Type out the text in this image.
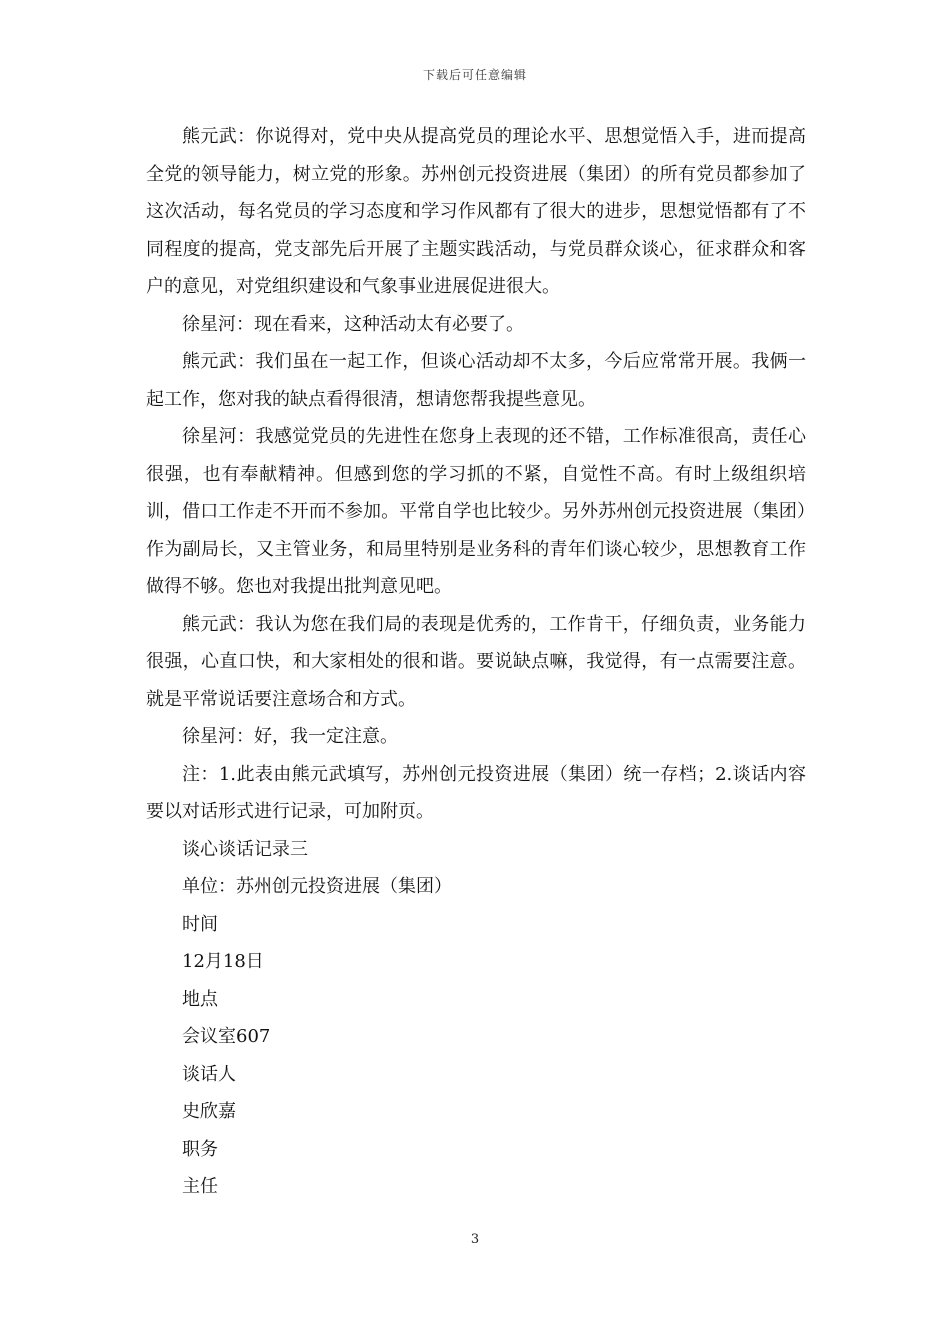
下载后可任意编辑

熊元武：你说得对，党中央从提高党员的理论水平、思想觉悟入手，进而提高全党的领导能力，树立党的形象。苏州创元投资进展（集团）的所有党员都参加了这次活动，每名党员的学习态度和学习作风都有了很大的进步，思想觉悟都有了不同程度的提高，党支部先后开展了主题实践活动，与党员群众谈心，征求群众和客户的意见，对党组织建设和气象事业进展促进很大。

徐星河：现在看来，这种活动太有必要了。

熊元武：我们虽在一起工作，但谈心活动却不太多，今后应常常开展。我俩一起工作，您对我的缺点看得很清，想请您帮我提些意见。

徐星河：我感觉党员的先进性在您身上表现的还不错，工作标准很高，责任心很强，也有奉献精神。但感到您的学习抓的不紧，自觉性不高。有时上级组织培训，借口工作走不开而不参加。平常自学也比较少。另外苏州创元投资进展（集团）作为副局长，又主管业务，和局里特别是业务科的青年们谈心较少，思想教育工作做得不够。您也对我提出批判意见吧。

熊元武：我认为您在我们局的表现是优秀的，工作肯干，仔细负责，业务能力很强，心直口快，和大家相处的很和谐。要说缺点嘛，我觉得，有一点需要注意。就是平常说话要注意场合和方式。

徐星河：好，我一定注意。

注：1.此表由熊元武填写，苏州创元投资进展（集团）统一存档；2.谈话内容要以对话形式进行记录，可加附页。

谈心谈话记录三

单位：苏州创元投资进展（集团）

时间

12月18日

地点

会议室607

谈话人

史欣嘉

职务

主任

3
